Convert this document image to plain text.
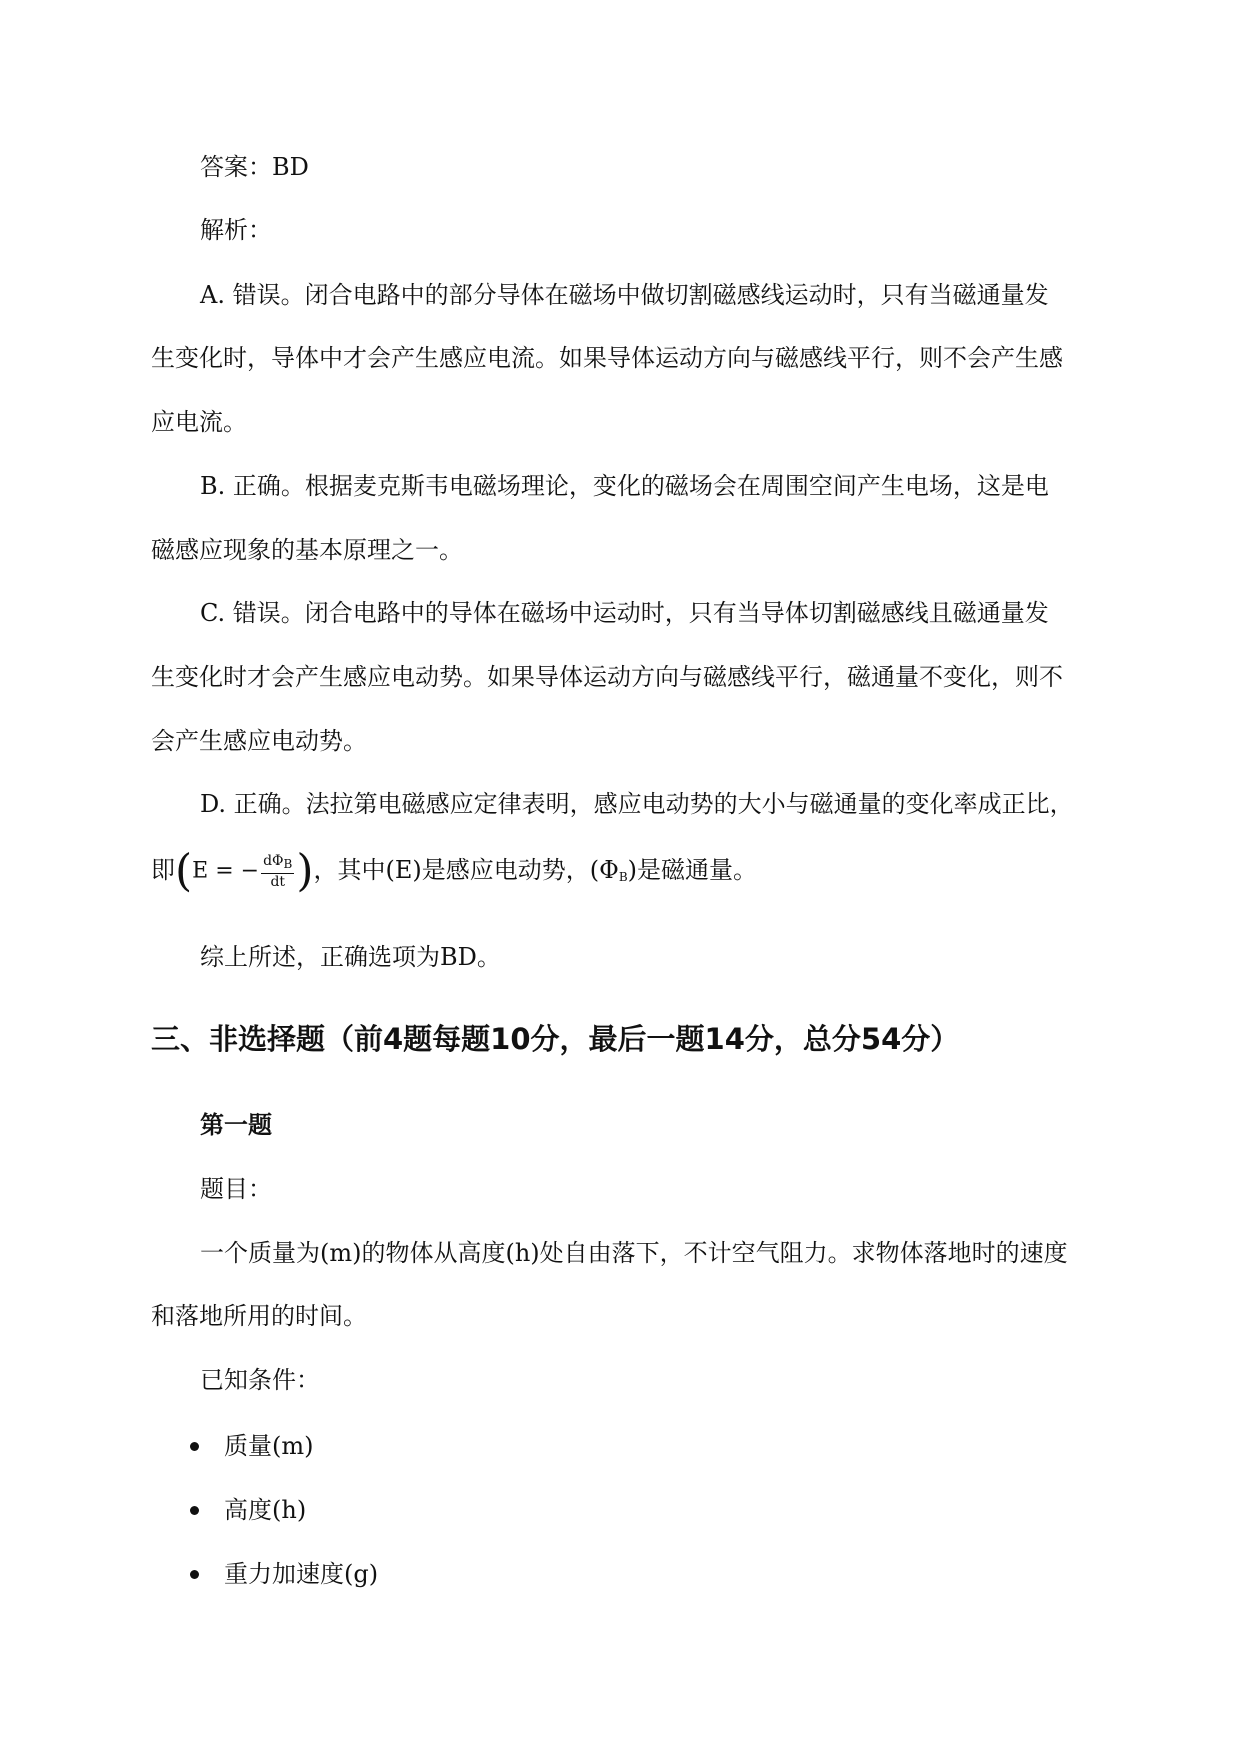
答案：BD
解析：
A. 错误。闭合电路中的部分导体在磁场中做切割磁感线运动时，只有当磁通量发
生变化时，导体中才会产生感应电流。如果导体运动方向与磁感线平行，则不会产生感
应电流。
B. 正确。根据麦克斯韦电磁场理论，变化的磁场会在周围空间产生电场，这是电
磁感应现象的基本原理之一。
C. 错误。闭合电路中的导体在磁场中运动时，只有当导体切割磁感线且磁通量发
生变化时才会产生感应电动势。如果导体运动方向与磁感线平行，磁通量不变化，则不
会产生感应电动势。
D. 正确。法拉第电磁感应定律表明，感应电动势的大小与磁通量的变化率成正比，
即(E = − $\frac{\text{dΦB}}{dt}$ )，其中(E)是感应电动势，$(\Phi_B)$是磁通量。
综上所述，正确选项为BD。
三、非选择题（前4题每题10分，最后一题14分，总分54分）
第一题
题目：
一个质量为(m)的物体从高度(h)处自由落下，不计空气阻力。求物体落地时的速度
和落地所用的时间。
已知条件：
质量(m)
高度(h)
重力加速度(g)
